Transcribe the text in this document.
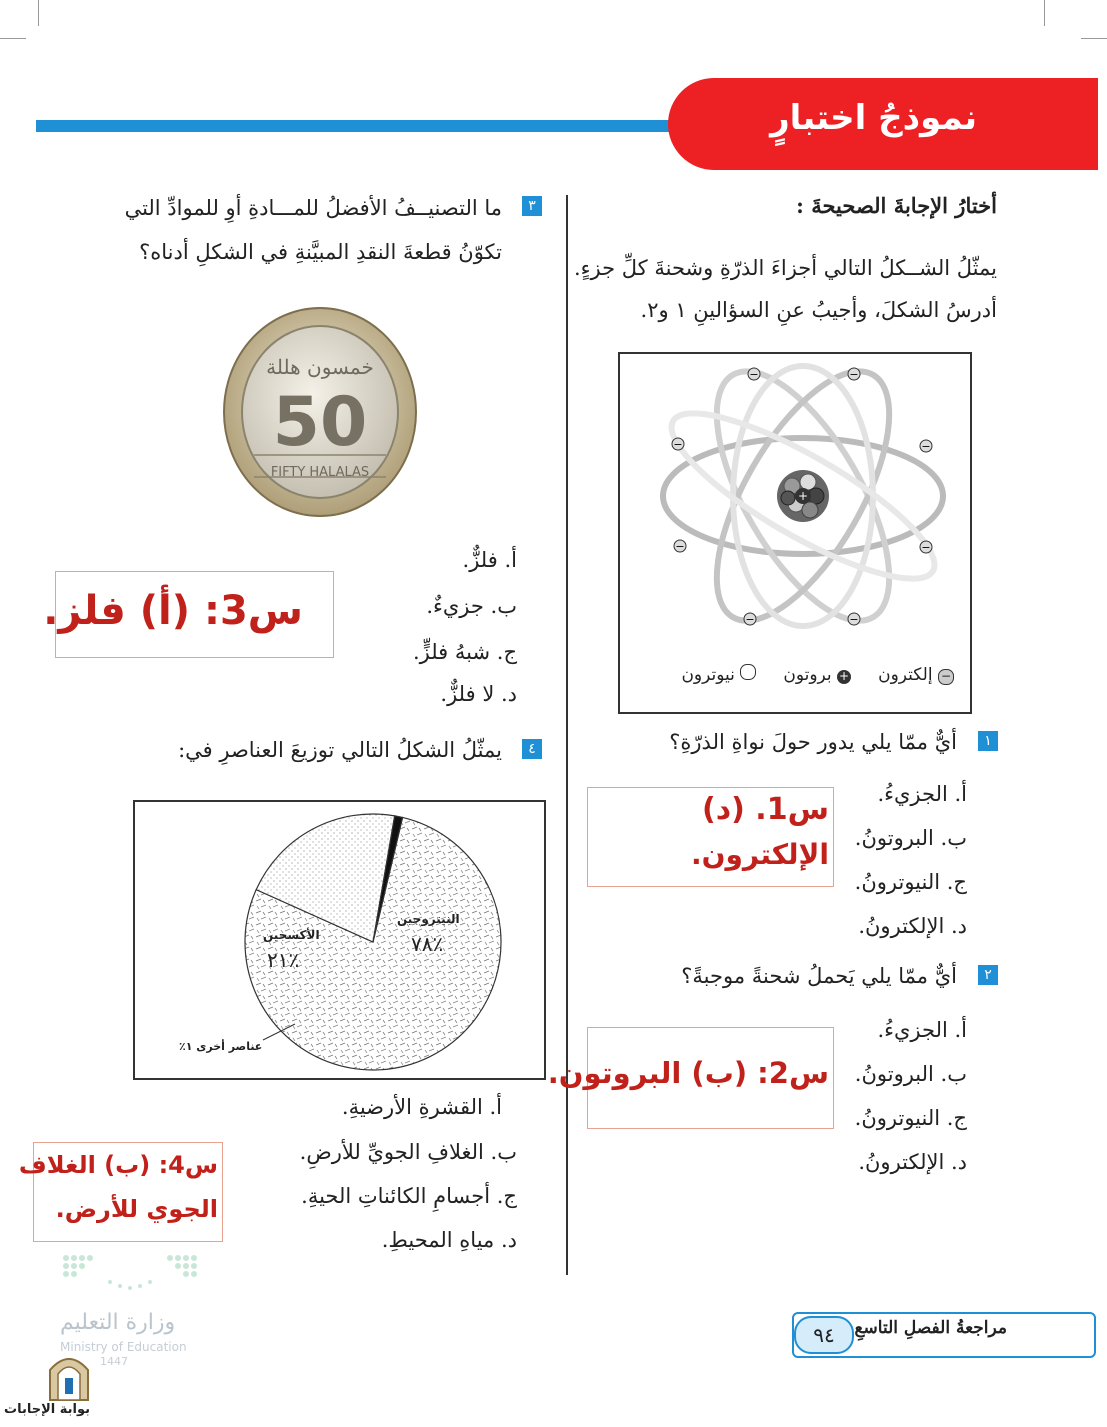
نموذجُ اختبارٍ
أختارُ الإجابةَ الصحيحةَ :
يمثّلُ الشــكلُ التالي أجزاءَ الذرّةِ وشحنةَ كلِّ جزءٍ.
أدرسُ الشكلَ، وأجيبُ عنِ السؤالينِ ١ و٢.
+
−	−
−	−
−	−
−	−
− إلكترون     + بروتون      نيوترون
١
أيٌّ ممّا يلي يدور حولَ نواةِ الذرّةِ؟
أ. الجزيءُ.
ب. البروتونُ.
ج. النيوترونُ.
د. الإلكترونُ.
س1. (د)
الإلكترون.
٢
أيٌّ ممّا يلي يَحملُ شحنةً موجبةً؟
أ. الجزيءُ.
ب. البروتونُ.
ج. النيوترونُ.
د. الإلكترونُ.
س2: (ب) البروتون.
٣
ما التصنيــفُ الأفضلُ للمـــادةِ أوِ للموادِّ التي
تكوّنُ قطعةَ النقدِ المبيَّنةِ في الشكلِ أدناه؟
خمسون هللة
50
FIFTY HALALAS
أ. فلزٌّ.
ب. جزيءٌ.
ج. شبهُ فلزٍّ.
د. لا فلزٌّ.
س3: (أ) فلز.
٤
يمثّلُ الشكلُ التالي توزيعَ العناصرِ في:
النيتروجين
٧٨٪
الأكسجين
٢١٪
عناصر أخرى ١٪
أ. القشرةِ الأرضيةِ.
ب. الغلافِ الجويِّ للأرضِ.
ج. أجسامِ الكائناتِ الحيةِ.
د. مياهِ المحيطِ.
س4: (ب) الغلاف
الجوي للأرض.
وزارة التعليم
Ministry of Education
1447
بوابة الإجابات
٩٤	مراجعةُ الفصلِ التاسعِ
